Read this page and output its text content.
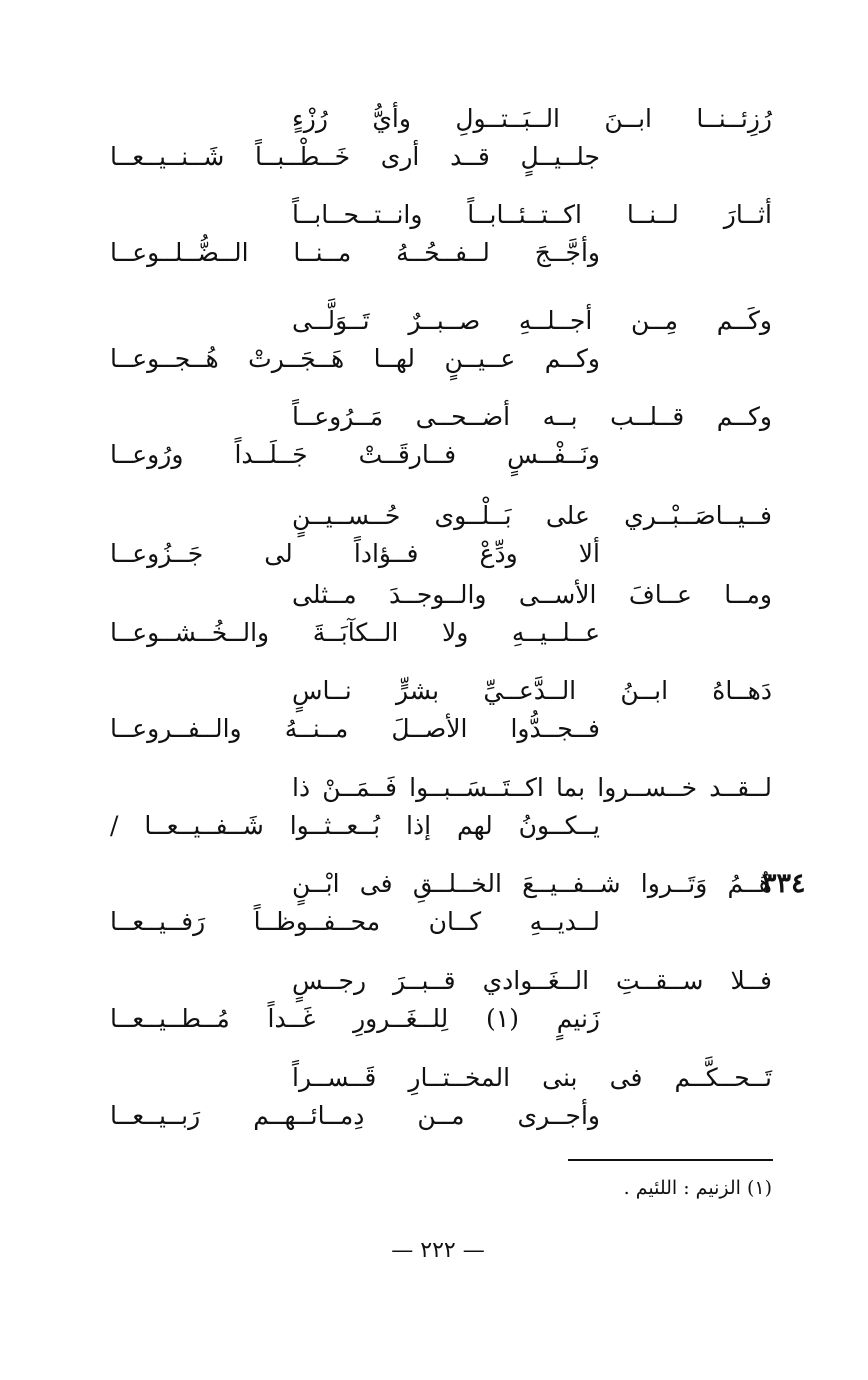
رُزِئــنــا ابــنَ الــبَــتــولِ وأيُّ رُزْءٍ
جلــيــلٍ قــد أرى خَــطْــبــاً شَــنــيــعــا
أثــارَ لــنــا اكــتــئــابــاً وانــتــحــابــاً
وأجَّــجَ لــفــحُــهُ مــنــا الــضُّــلــوعــا
وكَــم مِــن أجــلــهِ صــبــرٌ تَــوَلَّــى
وكــم عــيــنٍ لهــا هَــجَــرتْ هُــجــوعــا
وكــم قــلــب بــه أضــحــى مَــرُوعــاً
ونَــفْــسٍ فــارقَــتْ جَــلَــداً ورُوعــا
فــيــاصَــبْــري على بَــلْــوى حُــســيــنٍ
ألا ودِّعْ فــؤاداً لى جَــزُوعــا
ومــا عــافَ الأســى والــوجــدَ مــثلى
عــلــيــهِ ولا الــكآبَــةَ والــخُــشــوعــا
دَهــاهُ ابــنُ الــدَّعــيِّ بشرٍّ نــاسٍ
فــجــدُّوا الأصــلَ مــنــهُ والــفــروعــا
لــقــد خــســروا بما اكــتَــسَــبــوا فَــمَــنْ ذا
يــكــونُ لهم إذا بُــعــثــوا شَــفــيــعــا /
٣٣٤
هُــمُ وَتَــروا شــفــيــعَ الخــلــقِ فى ابْــنٍ
لــديــهِ كــان محــفــوظــاً رَفــيــعــا
فــلا ســقــتِ الــغَــوادي قــبــرَ رجــسٍ
زَنيمٍ (١) لِلــغَــرورِ غَــداً مُــطــيــعــا
تَــحــكَّــم فى بنى المخــتــارِ قَــســراً
وأجــرى مــن دِمــائــهــم رَبــيــعــا
(١) الزنيم : اللئيم .
— ٢٢٢ —
